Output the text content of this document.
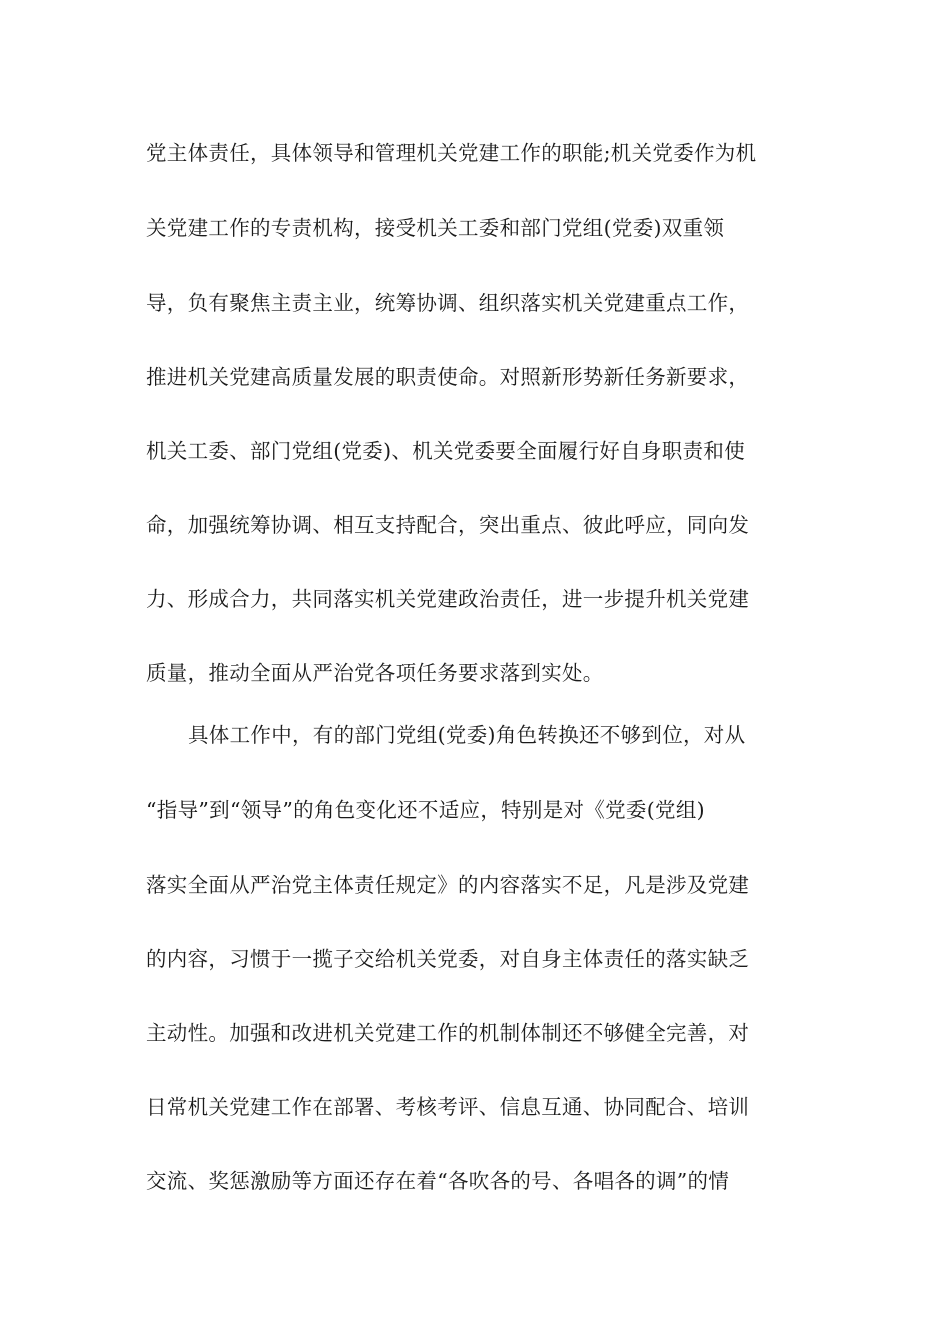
党主体责任，具体领导和管理机关党建工作的职能;机关党委作为机
关党建工作的专责机构，接受机关工委和部门党组(党委)双重领
导，负有聚焦主责主业，统筹协调、组织落实机关党建重点工作，
推进机关党建高质量发展的职责使命。对照新形势新任务新要求，
机关工委、部门党组(党委)、机关党委要全面履行好自身职责和使
命，加强统筹协调、相互支持配合，突出重点、彼此呼应，同向发
力、形成合力，共同落实机关党建政治责任，进一步提升机关党建
质量，推动全面从严治党各项任务要求落到实处。
具体工作中，有的部门党组(党委)角色转换还不够到位，对从
“指导”到“领导”的角色变化还不适应，特别是对《党委(党组)
落实全面从严治党主体责任规定》的内容落实不足，凡是涉及党建
的内容，习惯于一揽子交给机关党委，对自身主体责任的落实缺乏
主动性。加强和改进机关党建工作的机制体制还不够健全完善，对
日常机关党建工作在部署、考核考评、信息互通、协同配合、培训
交流、奖惩激励等方面还存在着“各吹各的号、各唱各的调”的情
